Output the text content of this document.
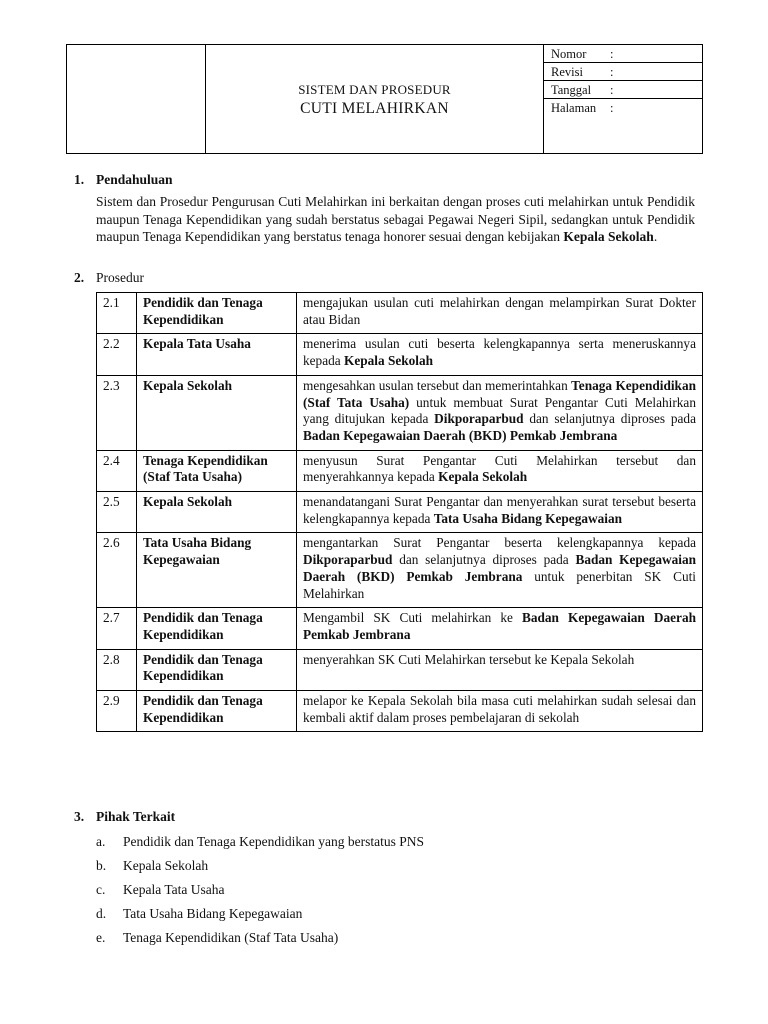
SISTEM DAN PROSEDUR
CUTI MELAHIRKAN
Nomor :
Revisi :
Tanggal :
Halaman :
1. Pendahuluan
Sistem dan Prosedur Pengurusan Cuti Melahirkan ini berkaitan dengan proses cuti melahirkan untuk Pendidik maupun Tenaga Kependidikan yang sudah berstatus sebagai Pegawai Negeri Sipil, sedangkan untuk Pendidik maupun Tenaga Kependidikan yang berstatus tenaga honorer sesuai dengan kebijakan Kepala Sekolah.
2. Prosedur
2.1	Pendidik dan Tenaga Kependidikan	mengajukan usulan cuti melahirkan dengan melampirkan Surat Dokter atau Bidan
2.2	Kepala Tata Usaha	menerima usulan cuti beserta kelengkapannya serta meneruskannya kepada Kepala Sekolah
2.3	Kepala Sekolah	mengesahkan usulan tersebut dan memerintahkan Tenaga Kependidikan (Staf Tata Usaha) untuk membuat Surat Pengantar Cuti Melahirkan yang ditujukan kepada Dikporaparbud dan selanjutnya diproses pada Badan Kepegawaian Daerah (BKD) Pemkab Jembrana
2.4	Tenaga Kependidikan (Staf Tata Usaha)	menyusun Surat Pengantar Cuti Melahirkan tersebut dan menyerahkannya kepada Kepala Sekolah
2.5	Kepala Sekolah	menandatangani Surat Pengantar dan menyerahkan surat tersebut beserta kelengkapannya kepada Tata Usaha Bidang Kepegawaian
2.6	Tata Usaha Bidang Kepegawaian	mengantarkan Surat Pengantar beserta kelengkapannya kepada Dikporaparbud dan selanjutnya diproses pada Badan Kepegawaian Daerah (BKD) Pemkab Jembrana untuk penerbitan SK Cuti Melahirkan
2.7	Pendidik dan Tenaga Kependidikan	Mengambil SK Cuti melahirkan ke Badan Kepegawaian Daerah Pemkab Jembrana
2.8	Pendidik dan Tenaga Kependidikan	menyerahkan SK Cuti Melahirkan tersebut ke Kepala Sekolah
2.9	Pendidik dan Tenaga Kependidikan	melapor ke Kepala Sekolah bila masa cuti melahirkan sudah selesai dan kembali aktif dalam proses pembelajaran di sekolah
3. Pihak Terkait
a.	Pendidik dan Tenaga Kependidikan yang berstatus PNS
b.	Kepala Sekolah
c.	Kepala Tata Usaha
d.	Tata Usaha Bidang Kepegawaian
e.	Tenaga Kependidikan (Staf Tata Usaha)
